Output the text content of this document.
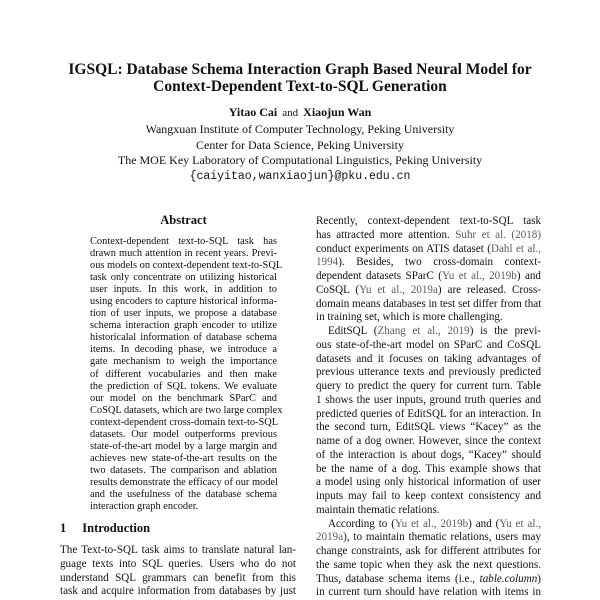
IGSQL: Database Schema Interaction Graph Based Neural Model for
Context-Dependent Text-to-SQL Generation
Yitao Cai and Xiaojun Wan
Wangxuan Institute of Computer Technology, Peking University
Center for Data Science, Peking University
The MOE Key Laboratory of Computational Linguistics, Peking University
{caiyitao,wanxiaojun}@pku.edu.cn
Abstract
Context-dependent text-to-SQL task has
drawn much attention in recent years. Previ-
ous models on context-dependent text-to-SQL
task only concentrate on utilizing historical
user inputs. In this work, in addition to
using encoders to capture historical informa-
tion of user inputs, we propose a database
schema interaction graph encoder to utilize
historicalal information of database schema
items. In decoding phase, we introduce a
gate mechanism to weigh the importance
of different vocabularies and then make
the prediction of SQL tokens. We evaluate
our model on the benchmark SParC and
CoSQL datasets, which are two large complex
context-dependent cross-domain text-to-SQL
datasets. Our model outperforms previous
state-of-the-art model by a large margin and
achieves new state-of-the-art results on the
two datasets. The comparison and ablation
results demonstrate the efficacy of our model
and the usefulness of the database schema
interaction graph encoder.
1 Introduction
The Text-to-SQL task aims to translate natural lan-
guage texts into SQL queries. Users who do not
understand SQL grammars can benefit from this
task and acquire information from databases by just
Recently, context-dependent text-to-SQL task
has attracted more attention. Suhr et al. (2018)
conduct experiments on ATIS dataset (Dahl et al.,
1994). Besides, two cross-domain context-
dependent datasets SParC (Yu et al., 2019b) and
CoSQL (Yu et al., 2019a) are released. Cross-
domain means databases in test set differ from that
in training set, which is more challenging.
EditSQL (Zhang et al., 2019) is the previ-
ous state-of-the-art model on SParC and CoSQL
datasets and it focuses on taking advantages of
previous utterance texts and previously predicted
query to predict the query for current turn. Table
1 shows the user inputs, ground truth queries and
predicted queries of EditSQL for an interaction. In
the second turn, EditSQL views “Kacey” as the
name of a dog owner. However, since the context
of the interaction is about dogs, “Kacey” should
be the name of a dog. This example shows that
a model using only historical information of user
inputs may fail to keep context consistency and
maintain thematic relations.
According to (Yu et al., 2019b) and (Yu et al.,
2019a), to maintain thematic relations, users may
change constraints, ask for different attributes for
the same topic when they ask the next questions.
Thus, database schema items (i.e., table.column)
in current turn should have relation with items in
